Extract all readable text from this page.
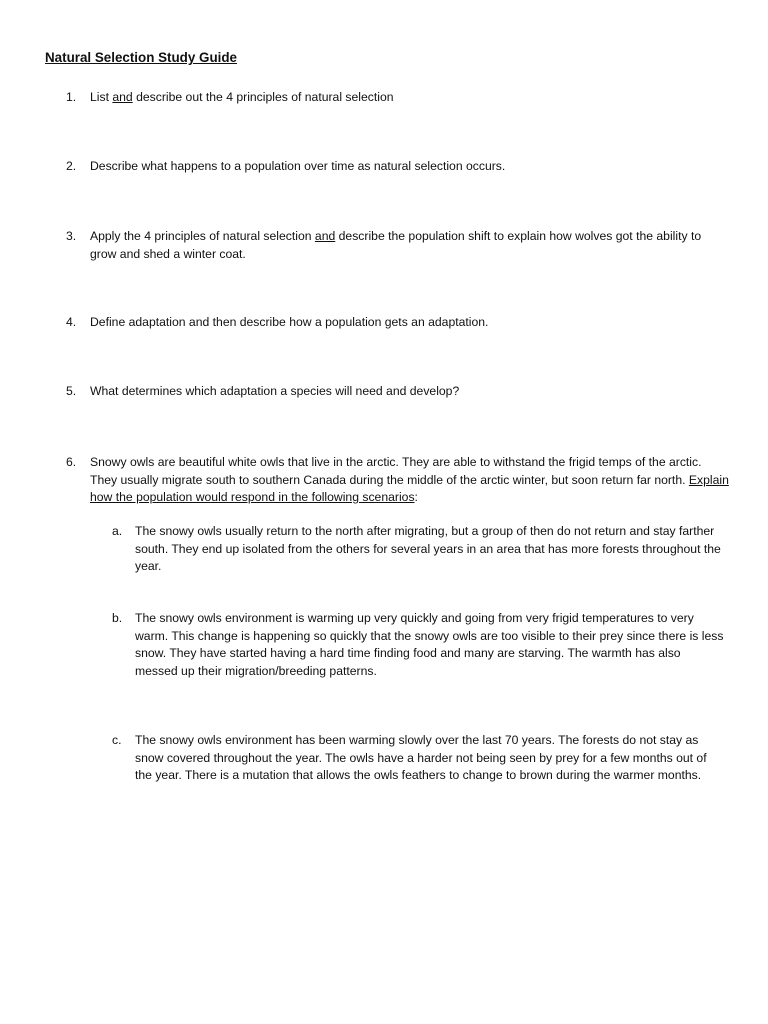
Natural Selection Study Guide
1. List and describe out the 4 principles of natural selection

2. Describe what happens to a population over time as natural selection occurs.

3. Apply the 4 principles of natural selection and describe the population shift to explain how wolves got the ability to grow and shed a winter coat.

4. Define adaptation and then describe how a population gets an adaptation.

5. What determines which adaptation a species will need and develop?

6. Snowy owls are beautiful white owls that live in the arctic. They are able to withstand the frigid temps of the arctic. They usually migrate south to southern Canada during the middle of the arctic winter, but soon return far north. Explain how the population would respond in the following scenarios:

a. The snowy owls usually return to the north after migrating, but a group of then do not return and stay farther south. They end up isolated from the others for several years in an area that has more forests throughout the year.

b. The snowy owls environment is warming up very quickly and going from very frigid temperatures to very warm. This change is happening so quickly that the snowy owls are too visible to their prey since there is less snow. They have started having a hard time finding food and many are starving. The warmth has also messed up their migration/breeding patterns.

c. The snowy owls environment has been warming slowly over the last 70 years. The forests do not stay as snow covered throughout the year. The owls have a harder not being seen by prey for a few months out of the year. There is a mutation that allows the owls feathers to change to brown during the warmer months.
